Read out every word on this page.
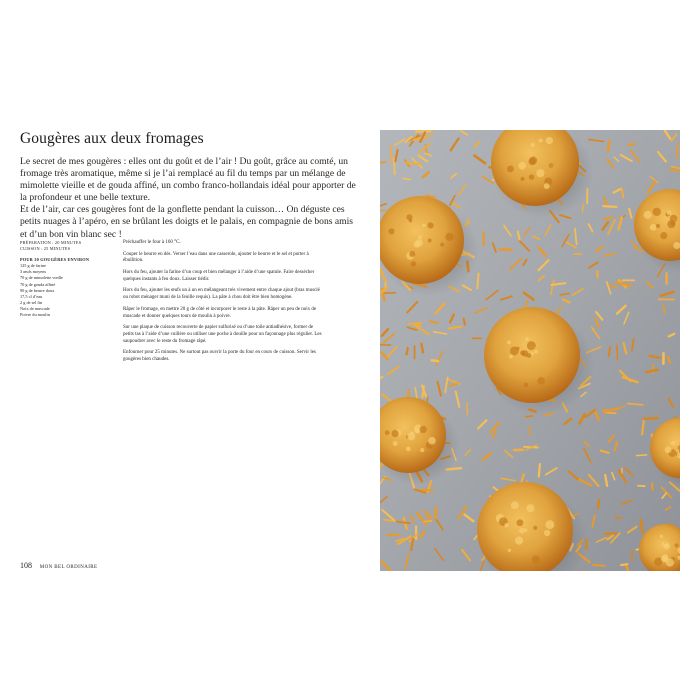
Gougères aux deux fromages

Le secret de mes gougères : elles ont du goût et de l’air ! Du goût, grâce au comté, un fromage très aromatique, même si je l’ai remplacé au fil du temps par un mélange de mimolette vieille et de gouda affiné, un combo franco-hollandais idéal pour apporter de la profondeur et une belle texture.

Et de l’air, car ces gougères font de la gonflette pendant la cuisson… On déguste ces petits nuages à l’apéro, en se brûlant les doigts et le palais, en compagnie de bons amis et d’un bon vin blanc sec !

PRÉPARATION : 20 MINUTES
CUISSON : 25 MINUTES
POUR 30 GOUGÈRES ENVIRON
125 g de farine
3 œufs moyens
70 g de mimolette vieille
70 g de gouda affiné
90 g de beurre doux
17,5 cl d’eau
2 g de sel fin
Noix de muscade
Poivre du moulin

Préchauffer le four à 160 °C.

Couper le beurre en dés. Verser l’eau dans une casserole, ajouter le beurre et le sel et porter à ébullition.

Hors du feu, ajouter la farine d’un coup et bien mélanger à l’aide d’une spatule. Faire dessécher quelques instants à feu doux. Laisser tiédir.

Hors du feu, ajouter les œufs un à un en mélangeant très vivement entre chaque ajout (bras musclé ou robot ménager muni de la feuille requis). La pâte à chou doit être bien homogène.

Râper le fromage, en mettre 20 g de côté et incorporer le reste à la pâte. Râper un peu de noix de muscade et donner quelques tours de moulin à poivre.

Sur une plaque de cuisson recouverte de papier sulfurisé ou d’une toile antiadhésive, former de petits tas à l’aide d’une cuillère ou utiliser une poche à douille pour un façonnage plus régulier. Les saupoudrer avec le reste du fromage râpé.

Enfourner pour 25 minutes. Ne surtout pas ouvrir la porte du four en cours de cuisson. Servir les gougères bien chaudes.

108 MON BEL ORDINAIRE
